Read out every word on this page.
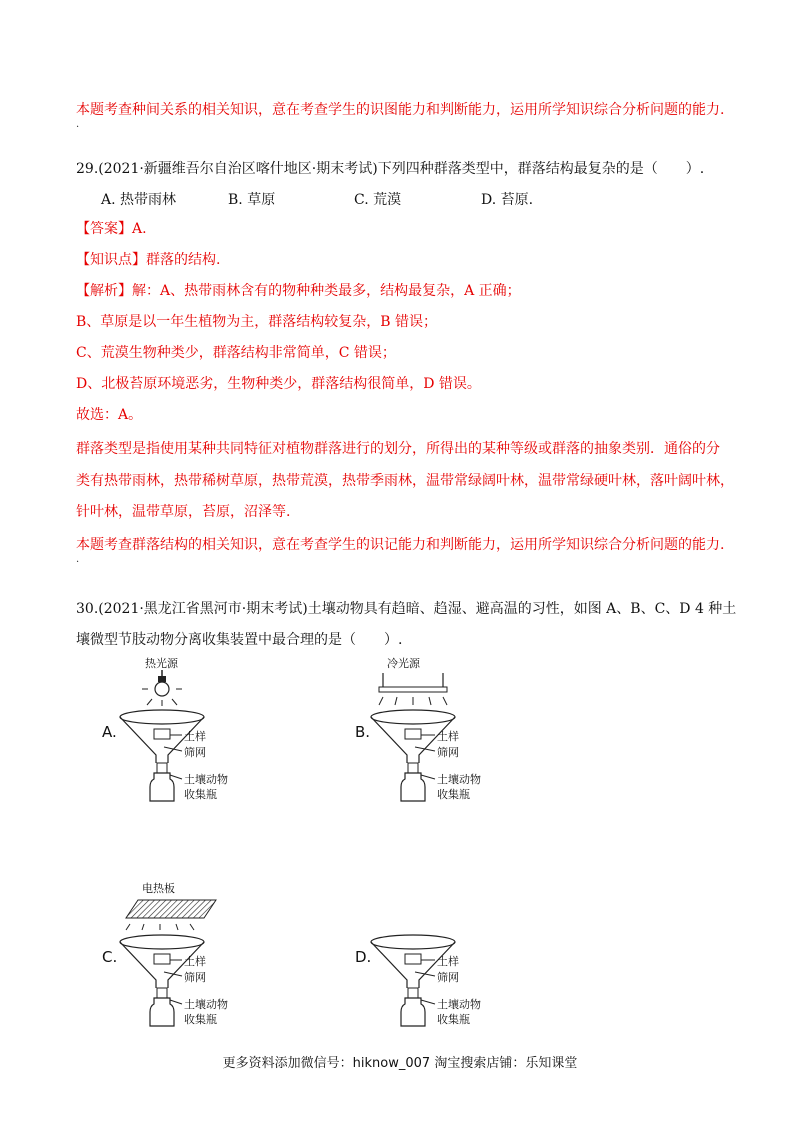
本题考查种间关系的相关知识，意在考查学生的识图能力和判断能力，运用所学知识综合分析问题的能力.
·
29.(2021·新疆维吾尔自治区喀什地区·期末考试)下列四种群落类型中，群落结构最复杂的是（　　）.
A. 热带雨林	B. 草原	C. 荒漠	D. 苔原.
【答案】A.
【知识点】群落的结构.
【解析】解：A、热带雨林含有的物种种类最多，结构最复杂，A 正确；
B、草原是以一年生植物为主，群落结构较复杂，B 错误；
C、荒漠生物种类少，群落结构非常简单，C 错误；
D、北极苔原环境恶劣，生物种类少，群落结构很简单，D 错误。
故选：A。
群落类型是指使用某种共同特征对植物群落进行的划分，所得出的某种等级或群落的抽象类别．通俗的分
类有热带雨林，热带稀树草原，热带荒漠，热带季雨林，温带常绿阔叶林，温带常绿硬叶林，落叶阔叶林，
针叶林，温带草原，苔原，沼泽等.
本题考查群落结构的相关知识，意在考查学生的识记能力和判断能力，运用所学知识综合分析问题的能力.
·
30.(2021·黑龙江省黑河市·期末考试)土壤动物具有趋暗、趋湿、避高温的习性，如图 A、B、C、D 4 种土
壤微型节肢动物分离收集装置中最合理的是（　　）.
A.
热光源
土样
筛网
土壤动物
收集瓶
B.
冷光源
土样
筛网
土壤动物
收集瓶
C.
电热板
土样
筛网
土壤动物
收集瓶
D.	土样
筛网
土壤动物
收集瓶
更多资料添加微信号：hiknow_007 淘宝搜索店铺：乐知课堂
